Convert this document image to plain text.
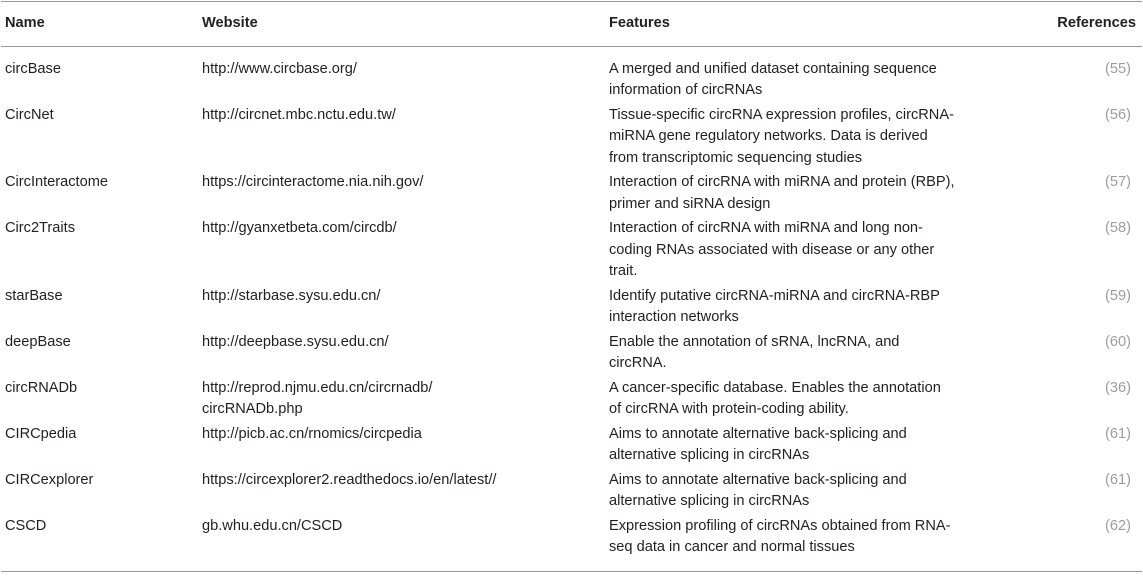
Name	Website	Features	References
circBase	http://www.circbase.org/	A merged and unified dataset containing sequence information of circRNAs	(55)
CircNet	http://circnet.mbc.nctu.edu.tw/	Tissue-specific circRNA expression profiles, circRNA-miRNA gene regulatory networks. Data is derived from transcriptomic sequencing studies	(56)
CircInteractome	https://circinteractome.nia.nih.gov/	Interaction of circRNA with miRNA and protein (RBP), primer and siRNA design	(57)
Circ2Traits	http://gyanxetbeta.com/circdb/	Interaction of circRNA with miRNA and long non-coding RNAs associated with disease or any other trait.	(58)
starBase	http://starbase.sysu.edu.cn/	Identify putative circRNA-miRNA and circRNA-RBP interaction networks	(59)
deepBase	http://deepbase.sysu.edu.cn/	Enable the annotation of sRNA, lncRNA, and circRNA.	(60)
circRNADb	http://reprod.njmu.edu.cn/circrnadb/ circRNADb.php	A cancer-specific database. Enables the annotation of circRNA with protein-coding ability.	(36)
CIRCpedia	http://picb.ac.cn/rnomics/circpedia	Aims to annotate alternative back-splicing and alternative splicing in circRNAs	(61)
CIRCexplorer	https://circexplorer2.readthedocs.io/en/latest//	Aims to annotate alternative back-splicing and alternative splicing in circRNAs	(61)
CSCD	gb.whu.edu.cn/CSCD	Expression profiling of circRNAs obtained from RNA-seq data in cancer and normal tissues	(62)
